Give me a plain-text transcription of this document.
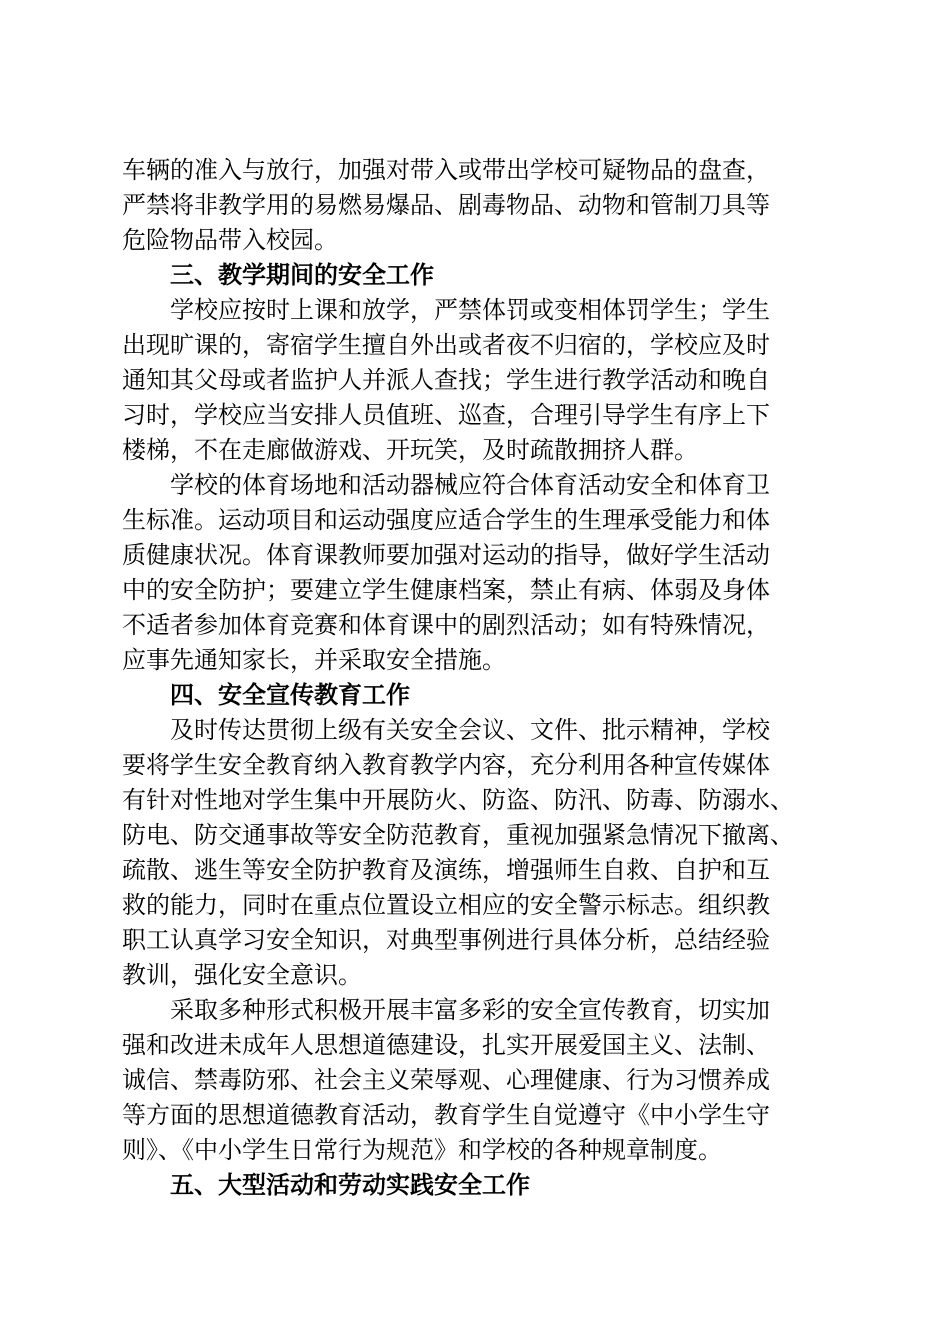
车辆的准入与放行，加强对带入或带出学校可疑物品的盘查，
严禁将非教学用的易燃易爆品、剧毒物品、动物和管制刀具等
危险物品带入校园。
三、教学期间的安全工作
学校应按时上课和放学，严禁体罚或变相体罚学生；学生
出现旷课的，寄宿学生擅自外出或者夜不归宿的，学校应及时
通知其父母或者监护人并派人查找；学生进行教学活动和晚自
习时，学校应当安排人员值班、巡查，合理引导学生有序上下
楼梯，不在走廊做游戏、开玩笑，及时疏散拥挤人群。
学校的体育场地和活动器械应符合体育活动安全和体育卫
生标准。运动项目和运动强度应适合学生的生理承受能力和体
质健康状况。体育课教师要加强对运动的指导，做好学生活动
中的安全防护；要建立学生健康档案，禁止有病、体弱及身体
不适者参加体育竞赛和体育课中的剧烈活动；如有特殊情况，
应事先通知家长，并采取安全措施。
四、安全宣传教育工作
及时传达贯彻上级有关安全会议、文件、批示精神，学校
要将学生安全教育纳入教育教学内容，充分利用各种宣传媒体
有针对性地对学生集中开展防火、防盗、防汛、防毒、防溺水、
防电、防交通事故等安全防范教育，重视加强紧急情况下撤离、
疏散、逃生等安全防护教育及演练，增强师生自救、自护和互
救的能力，同时在重点位置设立相应的安全警示标志。组织教
职工认真学习安全知识，对典型事例进行具体分析，总结经验
教训，强化安全意识。
采取多种形式积极开展丰富多彩的安全宣传教育，切实加
强和改进未成年人思想道德建设，扎实开展爱国主义、法制、
诚信、禁毒防邪、社会主义荣辱观、心理健康、行为习惯养成
等方面的思想道德教育活动，教育学生自觉遵守《中小学生守
则》、《中小学生日常行为规范》和学校的各种规章制度。
五、大型活动和劳动实践安全工作
